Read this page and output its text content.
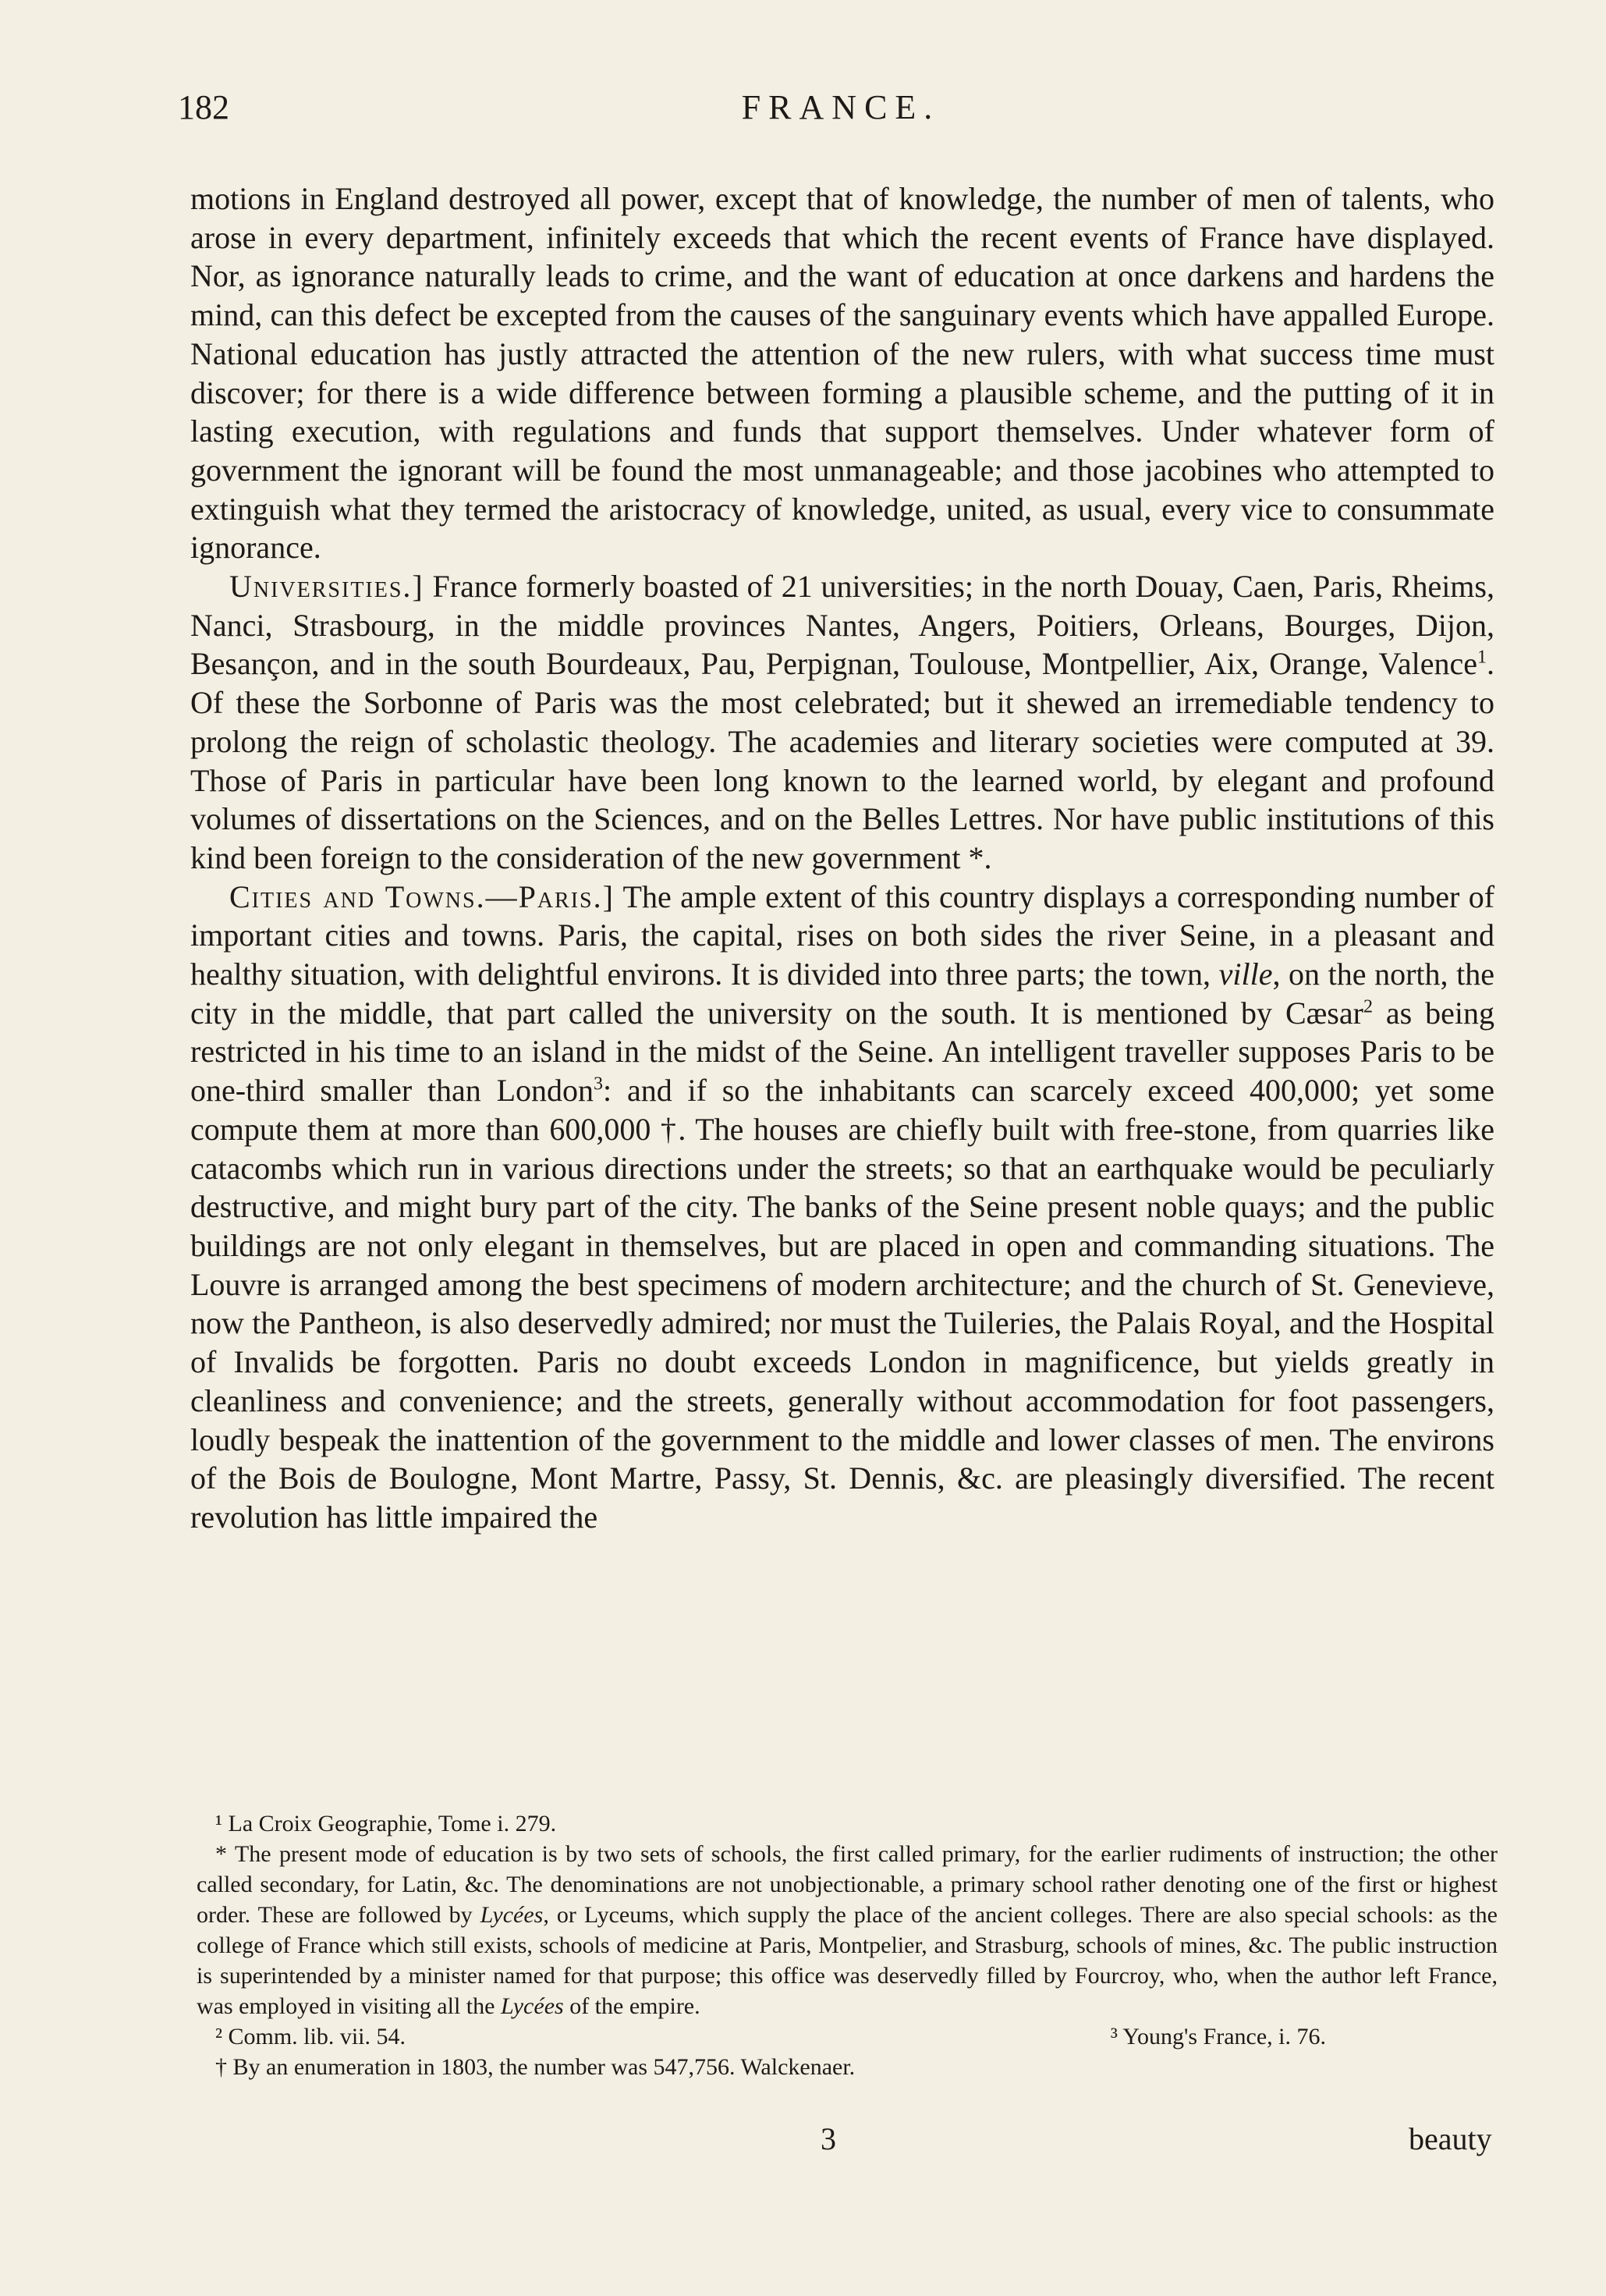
182	FRANCE.

motions in England destroyed all power, except that of knowledge, the number of men of talents, who arose in every department, infinitely exceeds that which the recent events of France have displayed. Nor, as ignorance naturally leads to crime, and the want of education at once darkens and hardens the mind, can this defect be excepted from the causes of the sanguinary events which have appalled Europe. National education has justly attracted the attention of the new rulers, with what success time must discover; for there is a wide difference between forming a plausible scheme, and the putting of it in lasting execution, with regulations and funds that support themselves. Under whatever form of government the ignorant will be found the most unmanageable; and those jacobines who attempted to extinguish what they termed the aristocracy of knowledge, united, as usual, every vice to consummate ignorance.

Universities.] France formerly boasted of 21 universities; in the north Douay, Caen, Paris, Rheims, Nanci, Strasbourg, in the middle provinces Nantes, Angers, Poitiers, Orleans, Bourges, Dijon, Besançon, and in the south Bourdeaux, Pau, Perpignan, Toulouse, Montpellier, Aix, Orange, Valence$^1$. Of these the Sorbonne of Paris was the most celebrated; but it shewed an irremediable tendency to prolong the reign of scholastic theology. The academies and literary societies were computed at 39. Those of Paris in particular have been long known to the learned world, by elegant and profound volumes of dissertations on the Sciences, and on the Belles Lettres. Nor have public institutions of this kind been foreign to the consideration of the new government *.

Cities and Towns.—Paris.] The ample extent of this country displays a corresponding number of important cities and towns. Paris, the capital, rises on both sides the river Seine, in a pleasant and healthy situation, with delightful environs. It is divided into three parts; the town, ville, on the north, the city in the middle, that part called the university on the south. It is mentioned by Cæsar$^2$ as being restricted in his time to an island in the midst of the Seine. An intelligent traveller supposes Paris to be one-third smaller than London$^3$: and if so the inhabitants can scarcely exceed 400,000; yet some compute them at more than 600,000 †. The houses are chiefly built with free-stone, from quarries like catacombs which run in various directions under the streets; so that an earthquake would be peculiarly destructive, and might bury part of the city. The banks of the Seine present noble quays; and the public buildings are not only elegant in themselves, but are placed in open and commanding situations. The Louvre is arranged among the best specimens of modern architecture; and the church of St. Genevieve, now the Pantheon, is also deservedly admired; nor must the Tuileries, the Palais Royal, and the Hospital of Invalids be forgotten. Paris no doubt exceeds London in magnificence, but yields greatly in cleanliness and convenience; and the streets, generally without accommodation for foot passengers, loudly bespeak the inattention of the government to the middle and lower classes of men. The environs of the Bois de Boulogne, Mont Martre, Passy, St. Dennis, &c. are pleasingly diversified. The recent revolution has little impaired the

¹ La Croix Geographie, Tome i. 279.

* The present mode of education is by two sets of schools, the first called primary, for the earlier rudiments of instruction; the other called secondary, for Latin, &c. The denominations are not unobjectionable, a primary school rather denoting one of the first or highest order. These are followed by Lycées, or Lyceums, which supply the place of the ancient colleges. There are also special schools: as the college of France which still exists, schools of medicine at Paris, Montpelier, and Strasburg, schools of mines, &c. The public instruction is superintended by a minister named for that purpose; this office was deservedly filled by Fourcroy, who, when the author left France, was employed in visiting all the Lycées of the empire.

² Comm. lib. vii. 54.	³ Young's France, i. 76.

† By an enumeration in 1803, the number was 547,756. Walckenaer.

3	beauty
